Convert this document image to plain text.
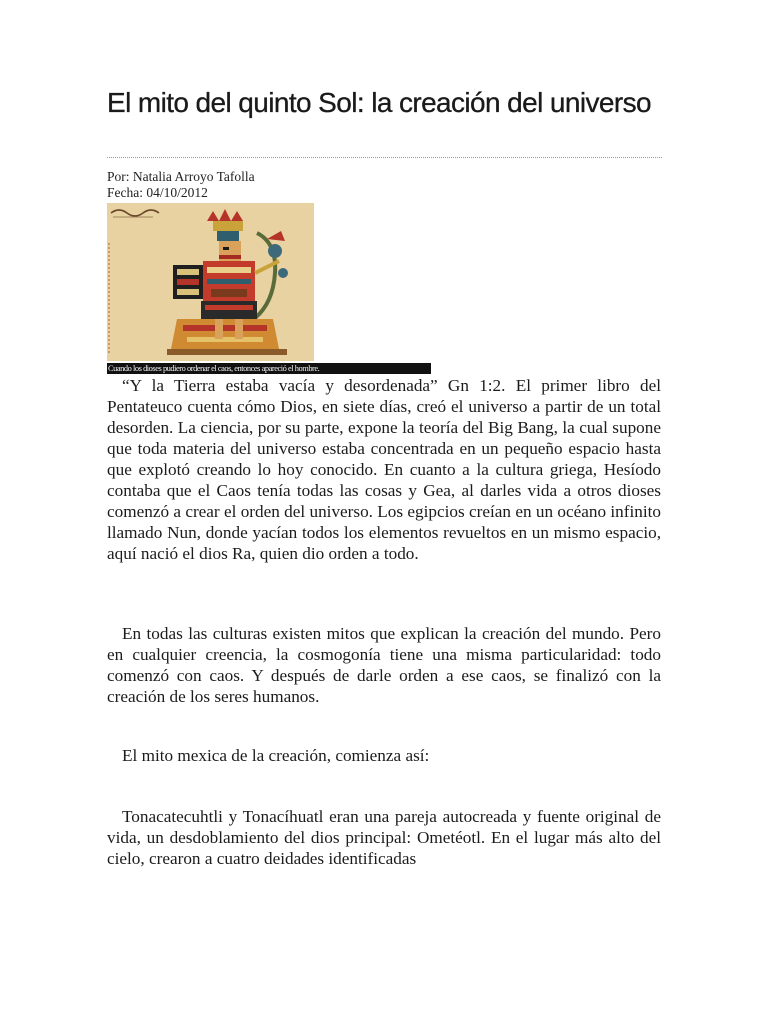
El mito del quinto Sol: la creación del universo
Por: Natalia Arroyo Tafolla
Fecha: 04/10/2012
Cuando los dioses pudiero ordenar el caos, entonces apareció el hombre.

“Y la Tierra estaba vacía y desordenada” Gn 1:2. El primer libro del Pentateuco cuenta cómo Dios, en siete días, creó el universo a partir de un total desorden. La ciencia, por su parte, expone la teoría del Big Bang, la cual supone que toda materia del universo estaba concentrada en un pequeño espacio hasta que explotó creando lo hoy conocido. En cuanto a la cultura griega, Hesíodo contaba que el Caos tenía todas las cosas y Gea, al darles vida a otros dioses comenzó a crear el orden del universo. Los egipcios creían en un océano infinito llamado Nun, donde yacían todos los elementos revueltos en un mismo espacio, aquí nació el dios Ra, quien dio orden a todo.

En todas las culturas existen mitos que explican la creación del mundo. Pero en cualquier creencia, la cosmogonía tiene una misma particularidad: todo comenzó con caos. Y después de darle orden a ese caos, se finalizó con la creación de los seres humanos.

El mito mexica de la creación, comienza así:

Tonacatecuhtli y Tonacíhuatl eran una pareja autocreada y fuente original de vida, un desdoblamiento del dios principal: Ometéotl. En el lugar más alto del cielo, crearon a cuatro deidades identificadas
